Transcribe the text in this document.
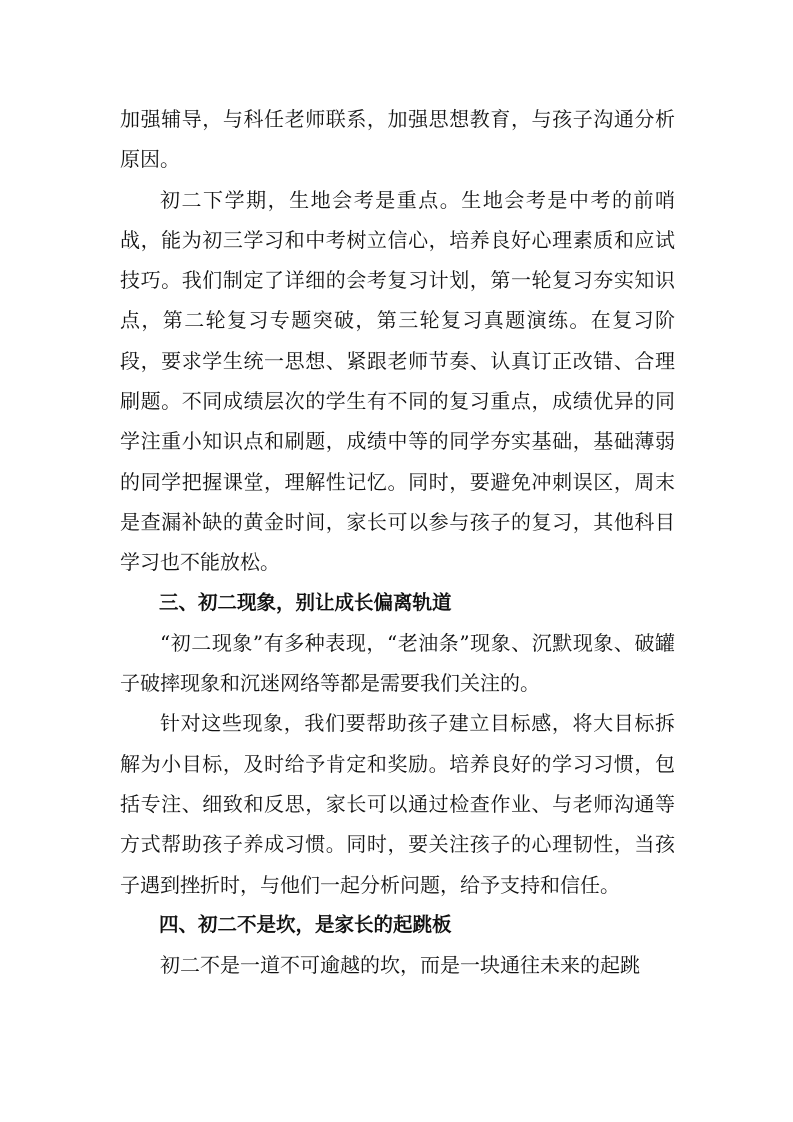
加强辅导，与科任老师联系，加强思想教育，与孩子沟通分析原因。

初二下学期，生地会考是重点。生地会考是中考的前哨战，能为初三学习和中考树立信心，培养良好心理素质和应试技巧。我们制定了详细的会考复习计划，第一轮复习夯实知识点，第二轮复习专题突破，第三轮复习真题演练。在复习阶段，要求学生统一思想、紧跟老师节奏、认真订正改错、合理刷题。不同成绩层次的学生有不同的复习重点，成绩优异的同学注重小知识点和刷题，成绩中等的同学夯实基础，基础薄弱的同学把握课堂，理解性记忆。同时，要避免冲刺误区，周末是查漏补缺的黄金时间，家长可以参与孩子的复习，其他科目学习也不能放松。

三、初二现象，别让成长偏离轨道

“初二现象”有多种表现，“老油条”现象、沉默现象、破罐子破摔现象和沉迷网络等都是需要我们关注的。

针对这些现象，我们要帮助孩子建立目标感，将大目标拆解为小目标，及时给予肯定和奖励。培养良好的学习习惯，包括专注、细致和反思，家长可以通过检查作业、与老师沟通等方式帮助孩子养成习惯。同时，要关注孩子的心理韧性，当孩子遇到挫折时，与他们一起分析问题，给予支持和信任。

四、初二不是坎，是家长的起跳板

初二不是一道不可逾越的坎，而是一块通往未来的起跳
